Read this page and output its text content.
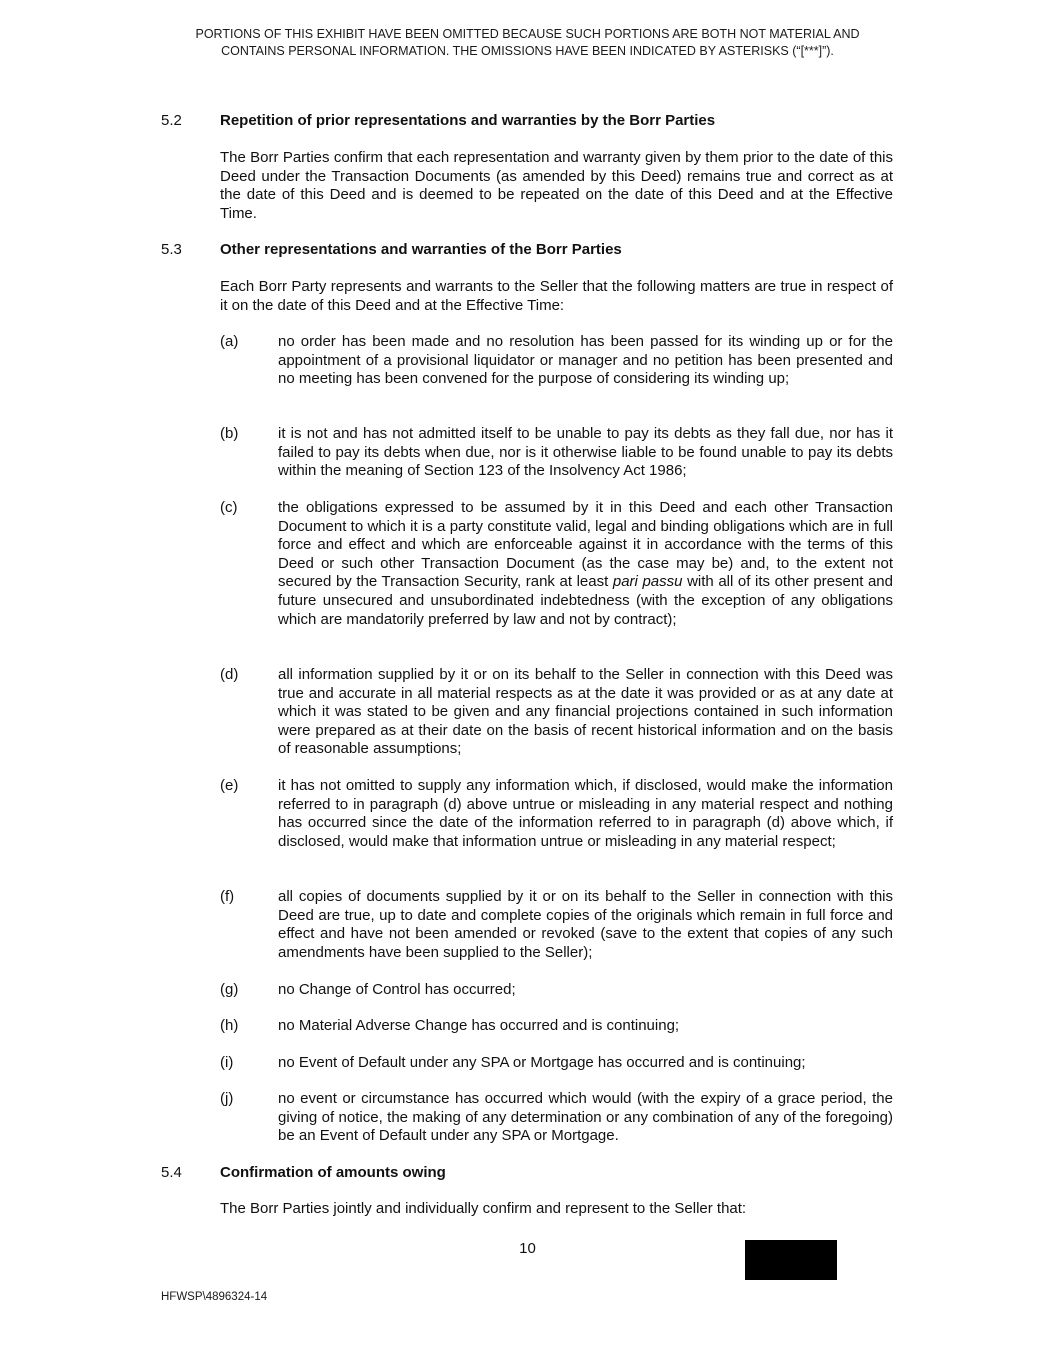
PORTIONS OF THIS EXHIBIT HAVE BEEN OMITTED BECAUSE SUCH PORTIONS ARE BOTH NOT MATERIAL AND
CONTAINS PERSONAL INFORMATION. THE OMISSIONS HAVE BEEN INDICATED BY ASTERISKS (“[***]”).
5.2	Repetition of prior representations and warranties by the Borr Parties
The Borr Parties confirm that each representation and warranty given by them prior to the date of this Deed under the Transaction Documents (as amended by this Deed) remains true and correct as at the date of this Deed and is deemed to be repeated on the date of this Deed and at the Effective Time.
5.3	Other representations and warranties of the Borr Parties
Each Borr Party represents and warrants to the Seller that the following matters are true in respect of it on the date of this Deed and at the Effective Time:
(a)	no order has been made and no resolution has been passed for its winding up or for the appointment of a provisional liquidator or manager and no petition has been presented and no meeting has been convened for the purpose of considering its winding up;
(b)	it is not and has not admitted itself to be unable to pay its debts as they fall due, nor has it failed to pay its debts when due, nor is it otherwise liable to be found unable to pay its debts within the meaning of Section 123 of the Insolvency Act 1986;
(c)	the obligations expressed to be assumed by it in this Deed and each other Transaction Document to which it is a party constitute valid, legal and binding obligations which are in full force and effect and which are enforceable against it in accordance with the terms of this Deed or such other Transaction Document (as the case may be) and, to the extent not secured by the Transaction Security, rank at least pari passu with all of its other present and future unsecured and unsubordinated indebtedness (with the exception of any obligations which are mandatorily preferred by law and not by contract);
(d)	all information supplied by it or on its behalf to the Seller in connection with this Deed was true and accurate in all material respects as at the date it was provided or as at any date at which it was stated to be given and any financial projections contained in such information were prepared as at their date on the basis of recent historical information and on the basis of reasonable assumptions;
(e)	it has not omitted to supply any information which, if disclosed, would make the information referred to in paragraph (d) above untrue or misleading in any material respect and nothing has occurred since the date of the information referred to in paragraph (d) above which, if disclosed, would make that information untrue or misleading in any material respect;
(f)	all copies of documents supplied by it or on its behalf to the Seller in connection with this Deed are true, up to date and complete copies of the originals which remain in full force and effect and have not been amended or revoked (save to the extent that copies of any such amendments have been supplied to the Seller);
(g)	no Change of Control has occurred;
(h)	no Material Adverse Change has occurred and is continuing;
(i)	no Event of Default under any SPA or Mortgage has occurred and is continuing;
(j)	no event or circumstance has occurred which would (with the expiry of a grace period, the giving of notice, the making of any determination or any combination of any of the foregoing) be an Event of Default under any SPA or Mortgage.
5.4	Confirmation of amounts owing
The Borr Parties jointly and individually confirm and represent to the Seller that:
10
HFWSP\4896324-14
